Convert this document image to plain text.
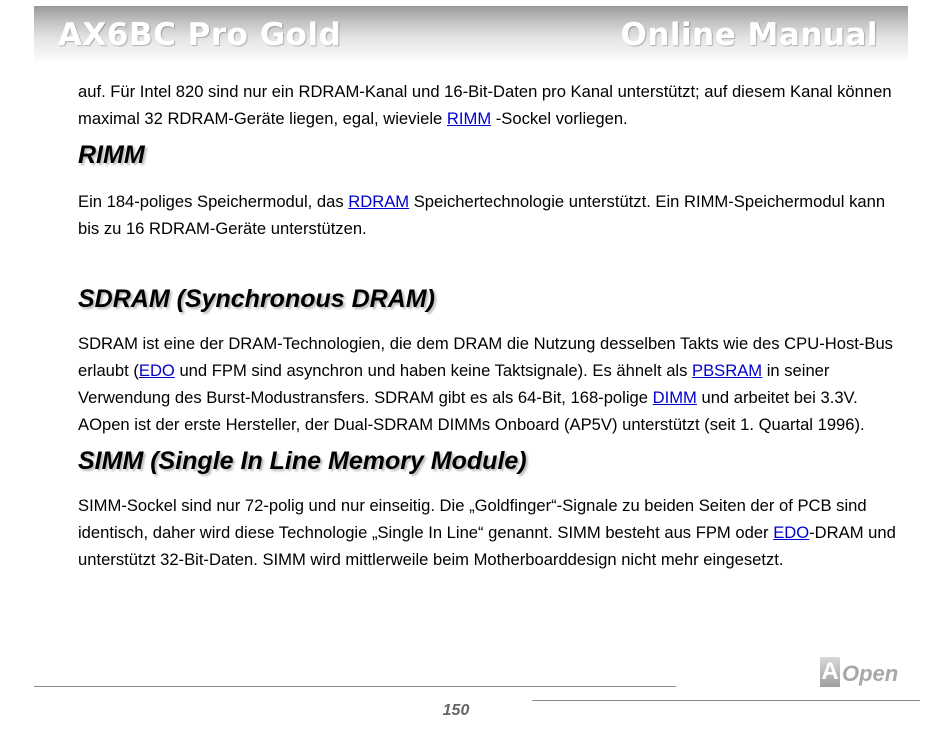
AX6BC Pro Gold	Online Manual

auf. Für Intel 820 sind nur ein RDRAM-Kanal und 16-Bit-Daten pro Kanal unterstützt; auf diesem Kanal können maximal 32 RDRAM-Geräte liegen, egal, wieviele RIMM -Sockel vorliegen.

RIMM

Ein 184-poliges Speichermodul, das RDRAM Speichertechnologie unterstützt. Ein RIMM-Speichermodul kann bis zu 16 RDRAM-Geräte unterstützen.

SDRAM (Synchronous DRAM)

SDRAM ist eine der DRAM-Technologien, die dem DRAM die Nutzung desselben Takts wie des CPU-Host-Bus erlaubt (EDO und FPM sind asynchron und haben keine Taktsignale). Es ähnelt als PBSRAM in seiner Verwendung des Burst-Modustransfers. SDRAM gibt es als 64-Bit, 168-polige DIMM und arbeitet bei 3.3V. AOpen ist der erste Hersteller, der Dual-SDRAM DIMMs Onboard (AP5V) unterstützt (seit 1. Quartal 1996).

SIMM (Single In Line Memory Module)

SIMM-Sockel sind nur 72-polig und nur einseitig. Die „Goldfinger“-Signale zu beiden Seiten der of PCB sind identisch, daher wird diese Technologie „Single In Line“ genannt. SIMM besteht aus FPM oder EDO-DRAM und unterstützt 32-Bit-Daten. SIMM wird mittlerweile beim Motherboarddesign nicht mehr eingesetzt.

150
A Open
